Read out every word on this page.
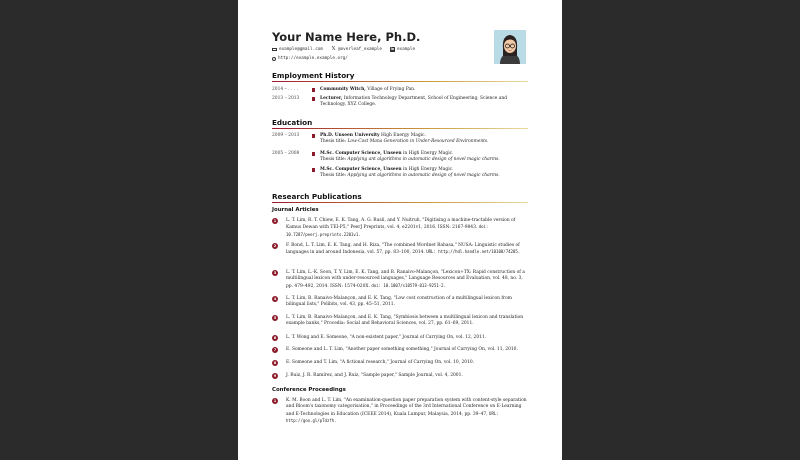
Your Name Here, Ph.D.
example@gmail.com 𝕏 @overleaf_example in example
http://example.example.org/
Employment History
2014 – . . . .	Community Witch, Village of Frying Pan.
2013 – 2013	Lecturer, Information Technology Department, School of Engineering, Science and Technology, XYZ College.
Education
2009 – 2013	Ph.D. Unseen University High Energy Magic.
Thesis title: Low-Cost Mana Generation in Under-Resourced Environments.
2005 – 2008	M.Sc. Computer Science, Unseen in High Energy Magic.
Thesis title: Applying ant algorithms in automatic design of novel magic charms.
M.Sc. Computer Science, Unseen in High Energy Magic.
Thesis title: Applying ant algorithms in automatic design of novel magic charms.
Research Publications
Journal Articles
1	L. T. Lim, R. T. Chiew, E. K. Tang, A. G. Rusli, and Y. Nuitruh, "Digitising a machine-tractable version of Kamus Dewan with TEI-P5," PeerJ Preprints, vol. 4, e2201v1, 2016. ISSN: 2167-9843. doi: 10.7287/peerj.preprints.2201v1.
2	F. Bond, L. T. Lim, E. K. Tang, and H. Riza, "The combined Wordnet Bahasa," NUSA: Linguistic studies of languages in and around Indonesia, vol. 57, pp. 83–100, 2014. URL: http://hdl.handle.net/10108/74285.
3	L. T. Lim, L.-K. Soon, T. Y. Lim, E. K. Tang, and B. Ranaivo-Malançon, "Lexicon+TX: Rapid construction of a multilingual lexicon with under-resourced languages," Language Resources and Evaluation, vol. 48, no. 3, pp. 479–492, 2014. ISSN: 1574-020X. doi: 10.1007/s10579-013-9251-2.
4	L. T. Lim, B. Ranaivo-Malançon, and E. K. Tang, "Low cost construction of a multilingual lexicon from bilingual lists," Polibits, vol. 43, pp. 45–51, 2011.
5	L. T. Lim, B. Ranaivo-Malançon, and E. K. Tang, "Symbiosis between a multilingual lexicon and translation example banks," Procedia: Social and Behavioral Sciences, vol. 27, pp. 61–69, 2011.
6	L. T. Wong and E. Someone, "A non-existent paper," Journal of Carrying On, vol. 12, 2011.
7	E. Someone and L. T. Lim, "Another paper something something," Journal of Carrying On, vol. 11, 2010.
8	E. Someone and T. Lim, "A fictional research," Journal of Carrying On, vol. 10, 2010.
9	J. Ruiz, J. R. Ramírez, and J. Ruiz, "Sample paper," Sample Journal, vol. 4, 2001.
Conference Proceedings
1	K. M. Boon and L. T. Lim, "An examination-question paper preparation system with content-style separation and Bloom's taxonomy categorisation," in Proceedings of the 3rd International Conference on E-Learning and E-Technologies in Education (ICEEE 2014), Kuala Lumpur, Malaysia, 2014, pp. 39–47, URL: http://goo.gl/pTdzfh.
